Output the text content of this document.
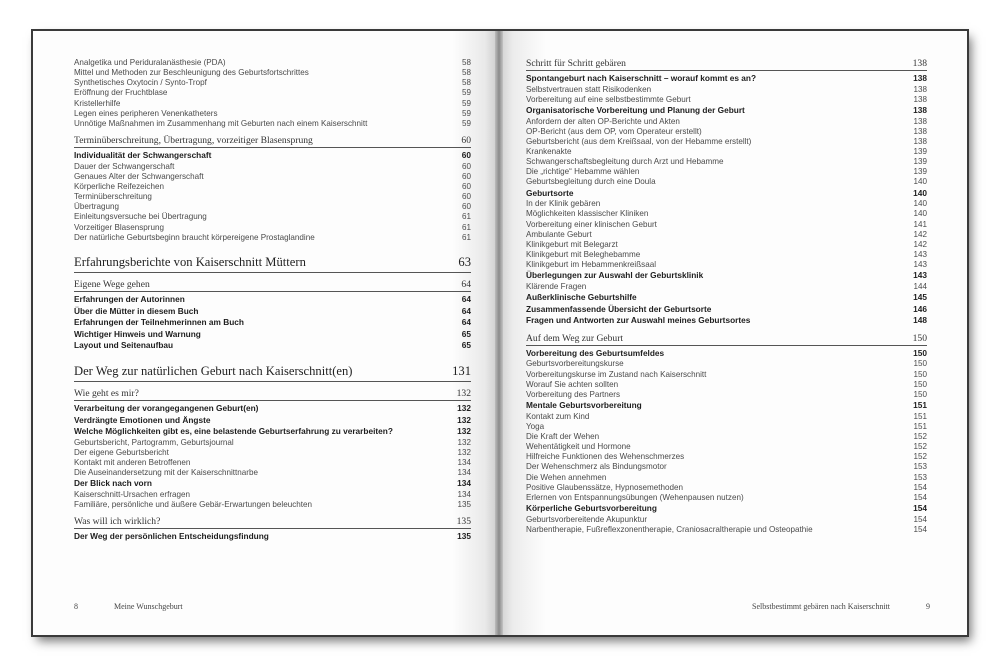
Analgetika und Periduralanästhesie (PDA)	58
Mittel und Methoden zur Beschleunigung des Geburtsfortschrittes	58
Synthetisches Oxytocin / Synto-Tropf	58
Eröffnung der Fruchtblase	59
Kristellerhilfe	59
Legen eines peripheren Venenkatheters	59
Unnötige Maßnahmen im Zusammenhang mit Geburten nach einem Kaiserschnitt	59
Terminüberschreitung, Übertragung, vorzeitiger Blasensprung	60
Individualität der Schwangerschaft	60
Dauer der Schwangerschaft	60
Genaues Alter der Schwangerschaft	60
Körperliche Reifezeichen	60
Terminüberschreitung	60
Übertragung	60
Einleitungsversuche bei Übertragung	61
Vorzeitiger Blasensprung	61
Der natürliche Geburtsbeginn braucht körpereigene Prostaglandine	61
Erfahrungsberichte von Kaiserschnitt Müttern	63
Eigene Wege gehen	64
Erfahrungen der Autorinnen	64
Über die Mütter in diesem Buch	64
Erfahrungen der Teilnehmerinnen am Buch	64
Wichtiger Hinweis und Warnung	65
Layout und Seitenaufbau	65
Der Weg zur natürlichen Geburt nach Kaiserschnitt(en)	131
Wie geht es mir?	132
Verarbeitung der vorangegangenen Geburt(en)	132
Verdrängte Emotionen und Ängste	132
Welche Möglichkeiten gibt es, eine belastende Geburtserfahrung zu verarbeiten?	132
Geburtsbericht, Partogramm, Geburtsjournal	132
Der eigene Geburtsbericht	132
Kontakt mit anderen Betroffenen	134
Die Auseinandersetzung mit der Kaiserschnittnarbe	134
Der Blick nach vorn	134
Kaiserschnitt-Ursachen erfragen	134
Familiäre, persönliche und äußere Gebär-Erwartungen beleuchten	135
Was will ich wirklich?	135
Der Weg der persönlichen Entscheidungsfindung	135
8	Meine Wunschgeburt
Schritt für Schritt gebären	138
Spontangeburt nach Kaiserschnitt – worauf kommt es an?	138
Selbstvertrauen statt Risikodenken	138
Vorbereitung auf eine selbstbestimmte Geburt	138
Organisatorische Vorbereitung und Planung der Geburt	138
Anfordern der alten OP-Berichte und Akten	138
OP-Bericht (aus dem OP, vom Operateur erstellt)	138
Geburtsbericht (aus dem Kreißsaal, von der Hebamme erstellt)	138
Krankenakte	139
Schwangerschaftsbegleitung durch Arzt und Hebamme	139
Die „richtige“ Hebamme wählen	139
Geburtsbegleitung durch eine Doula	140
Geburtsorte	140
In der Klinik gebären	140
Möglichkeiten klassischer Kliniken	140
Vorbereitung einer klinischen Geburt	141
Ambulante Geburt	142
Klinikgeburt mit Belegarzt	142
Klinikgeburt mit Beleghebamme	143
Klinikgeburt im Hebammenkreißsaal	143
Überlegungen zur Auswahl der Geburtsklinik	143
Klärende Fragen	144
Außerklinische Geburtshilfe	145
Zusammenfassende Übersicht der Geburtsorte	146
Fragen und Antworten zur Auswahl meines Geburtsortes	148
Auf dem Weg zur Geburt	150
Vorbereitung des Geburtsumfeldes	150
Geburtsvorbereitungskurse	150
Vorbereitungskurse im Zustand nach Kaiserschnitt	150
Worauf Sie achten sollten	150
Vorbereitung des Partners	150
Mentale Geburtsvorbereitung	151
Kontakt zum Kind	151
Yoga	151
Die Kraft der Wehen	152
Wehentätigkeit und Hormone	152
Hilfreiche Funktionen des Wehenschmerzes	152
Der Wehenschmerz als Bindungsmotor	153
Die Wehen annehmen	153
Positive Glaubenssätze, Hypnosemethoden	154
Erlernen von Entspannungsübungen (Wehenpausen nutzen)	154
Körperliche Geburtsvorbereitung	154
Geburtsvorbereitende Akupunktur	154
Narbentherapie, Fußreflexzonentherapie, Craniosacraltherapie und Osteopathie	154
Selbstbestimmt gebären nach Kaiserschnitt	9
